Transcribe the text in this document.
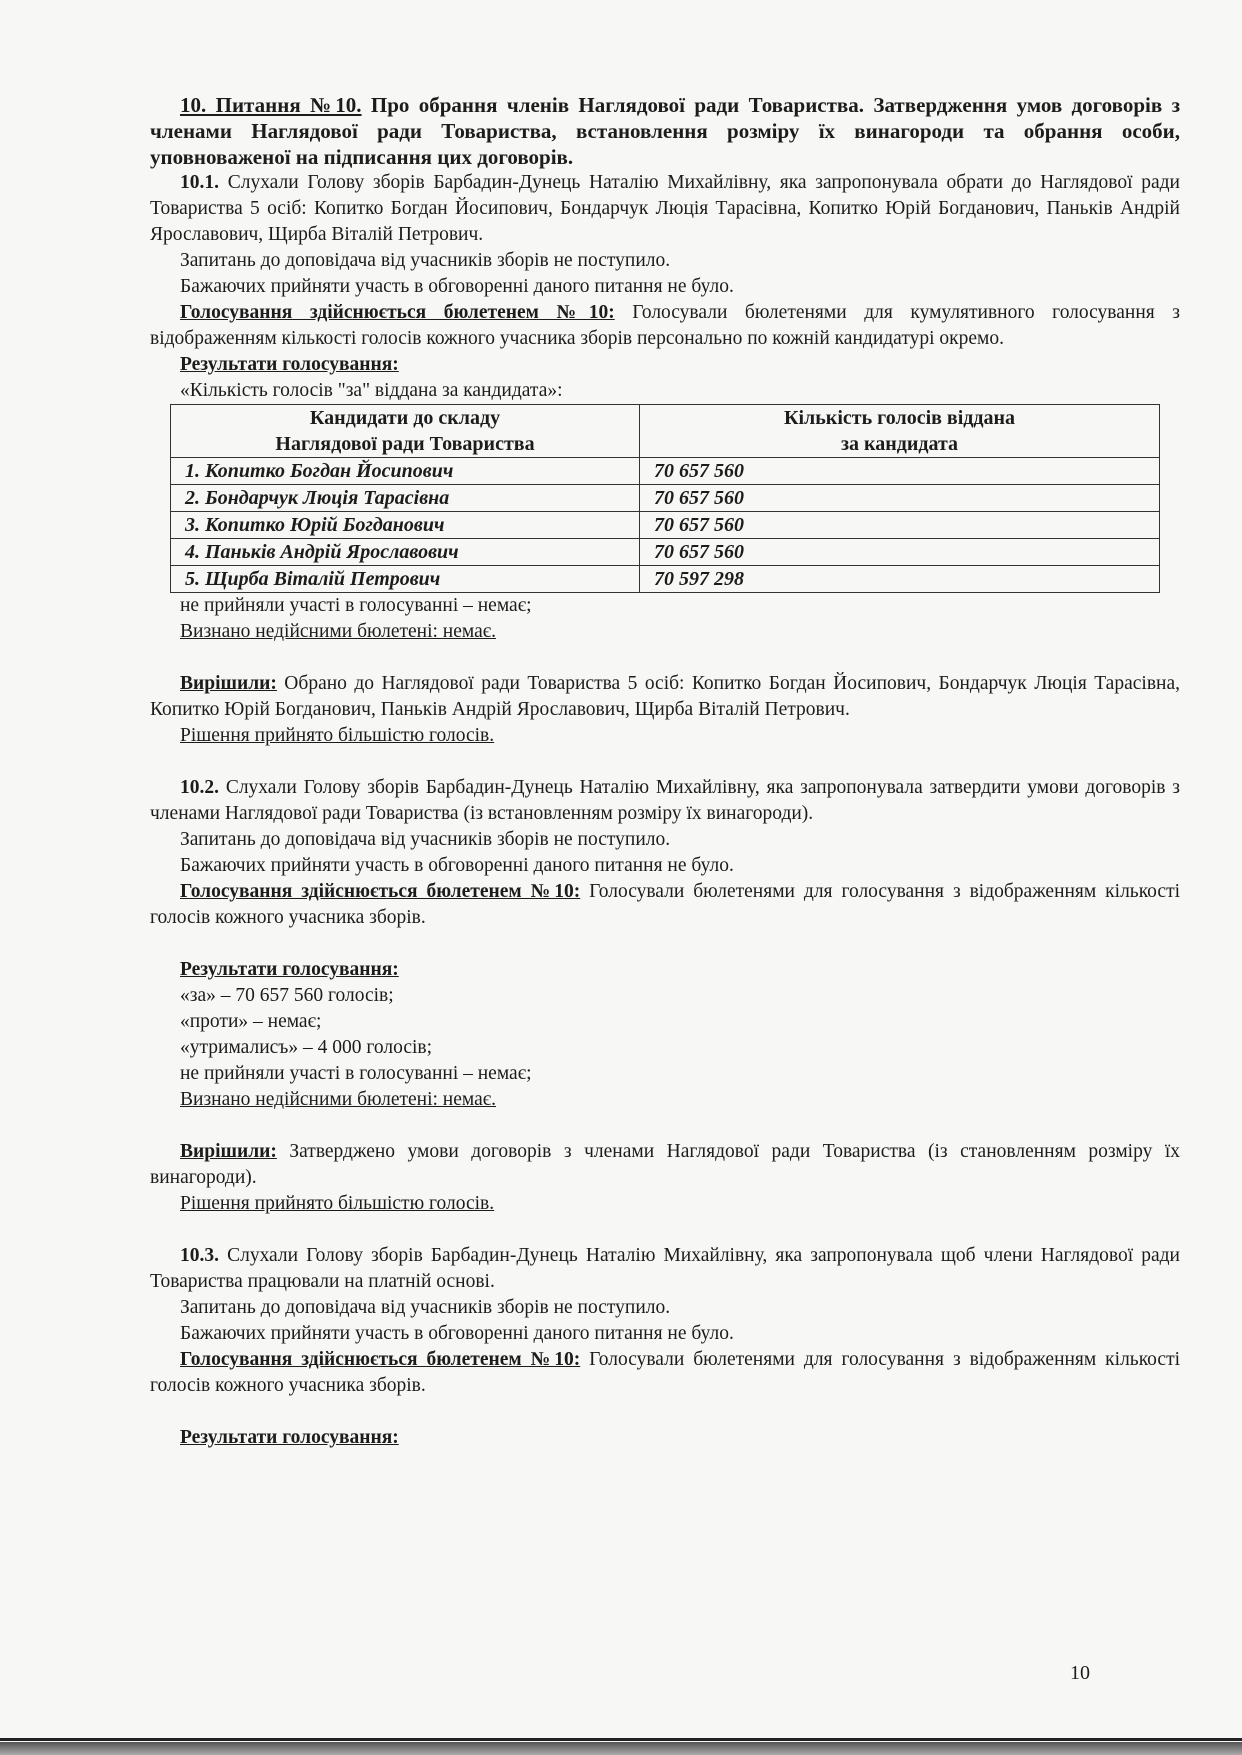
10. Питання №10. Про обрання членів Наглядової ради Товариства. Затвердження умов договорів з членами Наглядової ради Товариства, встановлення розміру їх винагороди та обрання особи, уповноваженої на підписання цих договорів.

10.1. Слухали Голову зборів Барбадин-Дунець Наталію Михайлівну, яка запропонувала обрати до Наглядової ради Товариства 5 осіб: Копитко Богдан Йосипович, Бондарчук Люція Тарасівна, Копитко Юрій Богданович, Паньків Андрій Ярославович, Щирба Віталій Петрович.

Запитань до доповідача від учасників зборів не поступило.

Бажаючих прийняти участь в обговоренні даного питання не було.

Голосування здійснюється бюлетенем №10: Голосували бюлетенями для кумулятивного голосування з відображенням кількості голосів кожного учасника зборів персонально по кожній кандидатурі окремо.

Результати голосування:

«Кількість голосів "за" віддана за кандидата»:

Кандидати до складу
Наглядової ради Товариства	Кількість голосів віддана
за кандидата
1. Копитко Богдан Йосипович	70 657 560
2. Бондарчук Люція Тарасівна	70 657 560
3. Копитко Юрій Богданович	70 657 560
4. Паньків Андрій Ярославович	70 657 560
5. Щирба Віталій Петрович	70 597 298

не прийняли участі в голосуванні – немає;

Визнано недійсними бюлетені: немає.

Вирішили: Обрано до Наглядової ради Товариства 5 осіб: Копитко Богдан Йосипович, Бондарчук Люція Тарасівна, Копитко Юрій Богданович, Паньків Андрій Ярославович, Щирба Віталій Петрович.

Рішення прийнято більшістю голосів.

10.2. Слухали Голову зборів Барбадин-Дунець Наталію Михайлівну, яка запропонувала затвердити умови договорів з членами Наглядової ради Товариства (із встановленням розміру їх винагороди).

Запитань до доповідача від учасників зборів не поступило.

Бажаючих прийняти участь в обговоренні даного питання не було.

Голосування здійснюється бюлетенем №10: Голосували бюлетенями для голосування з відображенням кількості голосів кожного учасника зборів.

Результати голосування:

«за» – 70 657 560 голосів;

«проти» – немає;

«утрималисъ» – 4 000 голосів;

не прийняли участі в голосуванні – немає;

Визнано недійсними бюлетені: немає.

Вирішили: Затверджено умови договорів з членами Наглядової ради Товариства (із становленням розміру їх винагороди).

Рішення прийнято більшістю голосів.

10.3. Слухали Голову зборів Барбадин-Дунець Наталію Михайлівну, яка запропонувала щоб члени Наглядової ради Товариства працювали на платній основі.

Запитань до доповідача від учасників зборів не поступило.

Бажаючих прийняти участь в обговоренні даного питання не було.

Голосування здійснюється бюлетенем №10: Голосували бюлетенями для голосування з відображенням кількості голосів кожного учасника зборів.

Результати голосування:

10
